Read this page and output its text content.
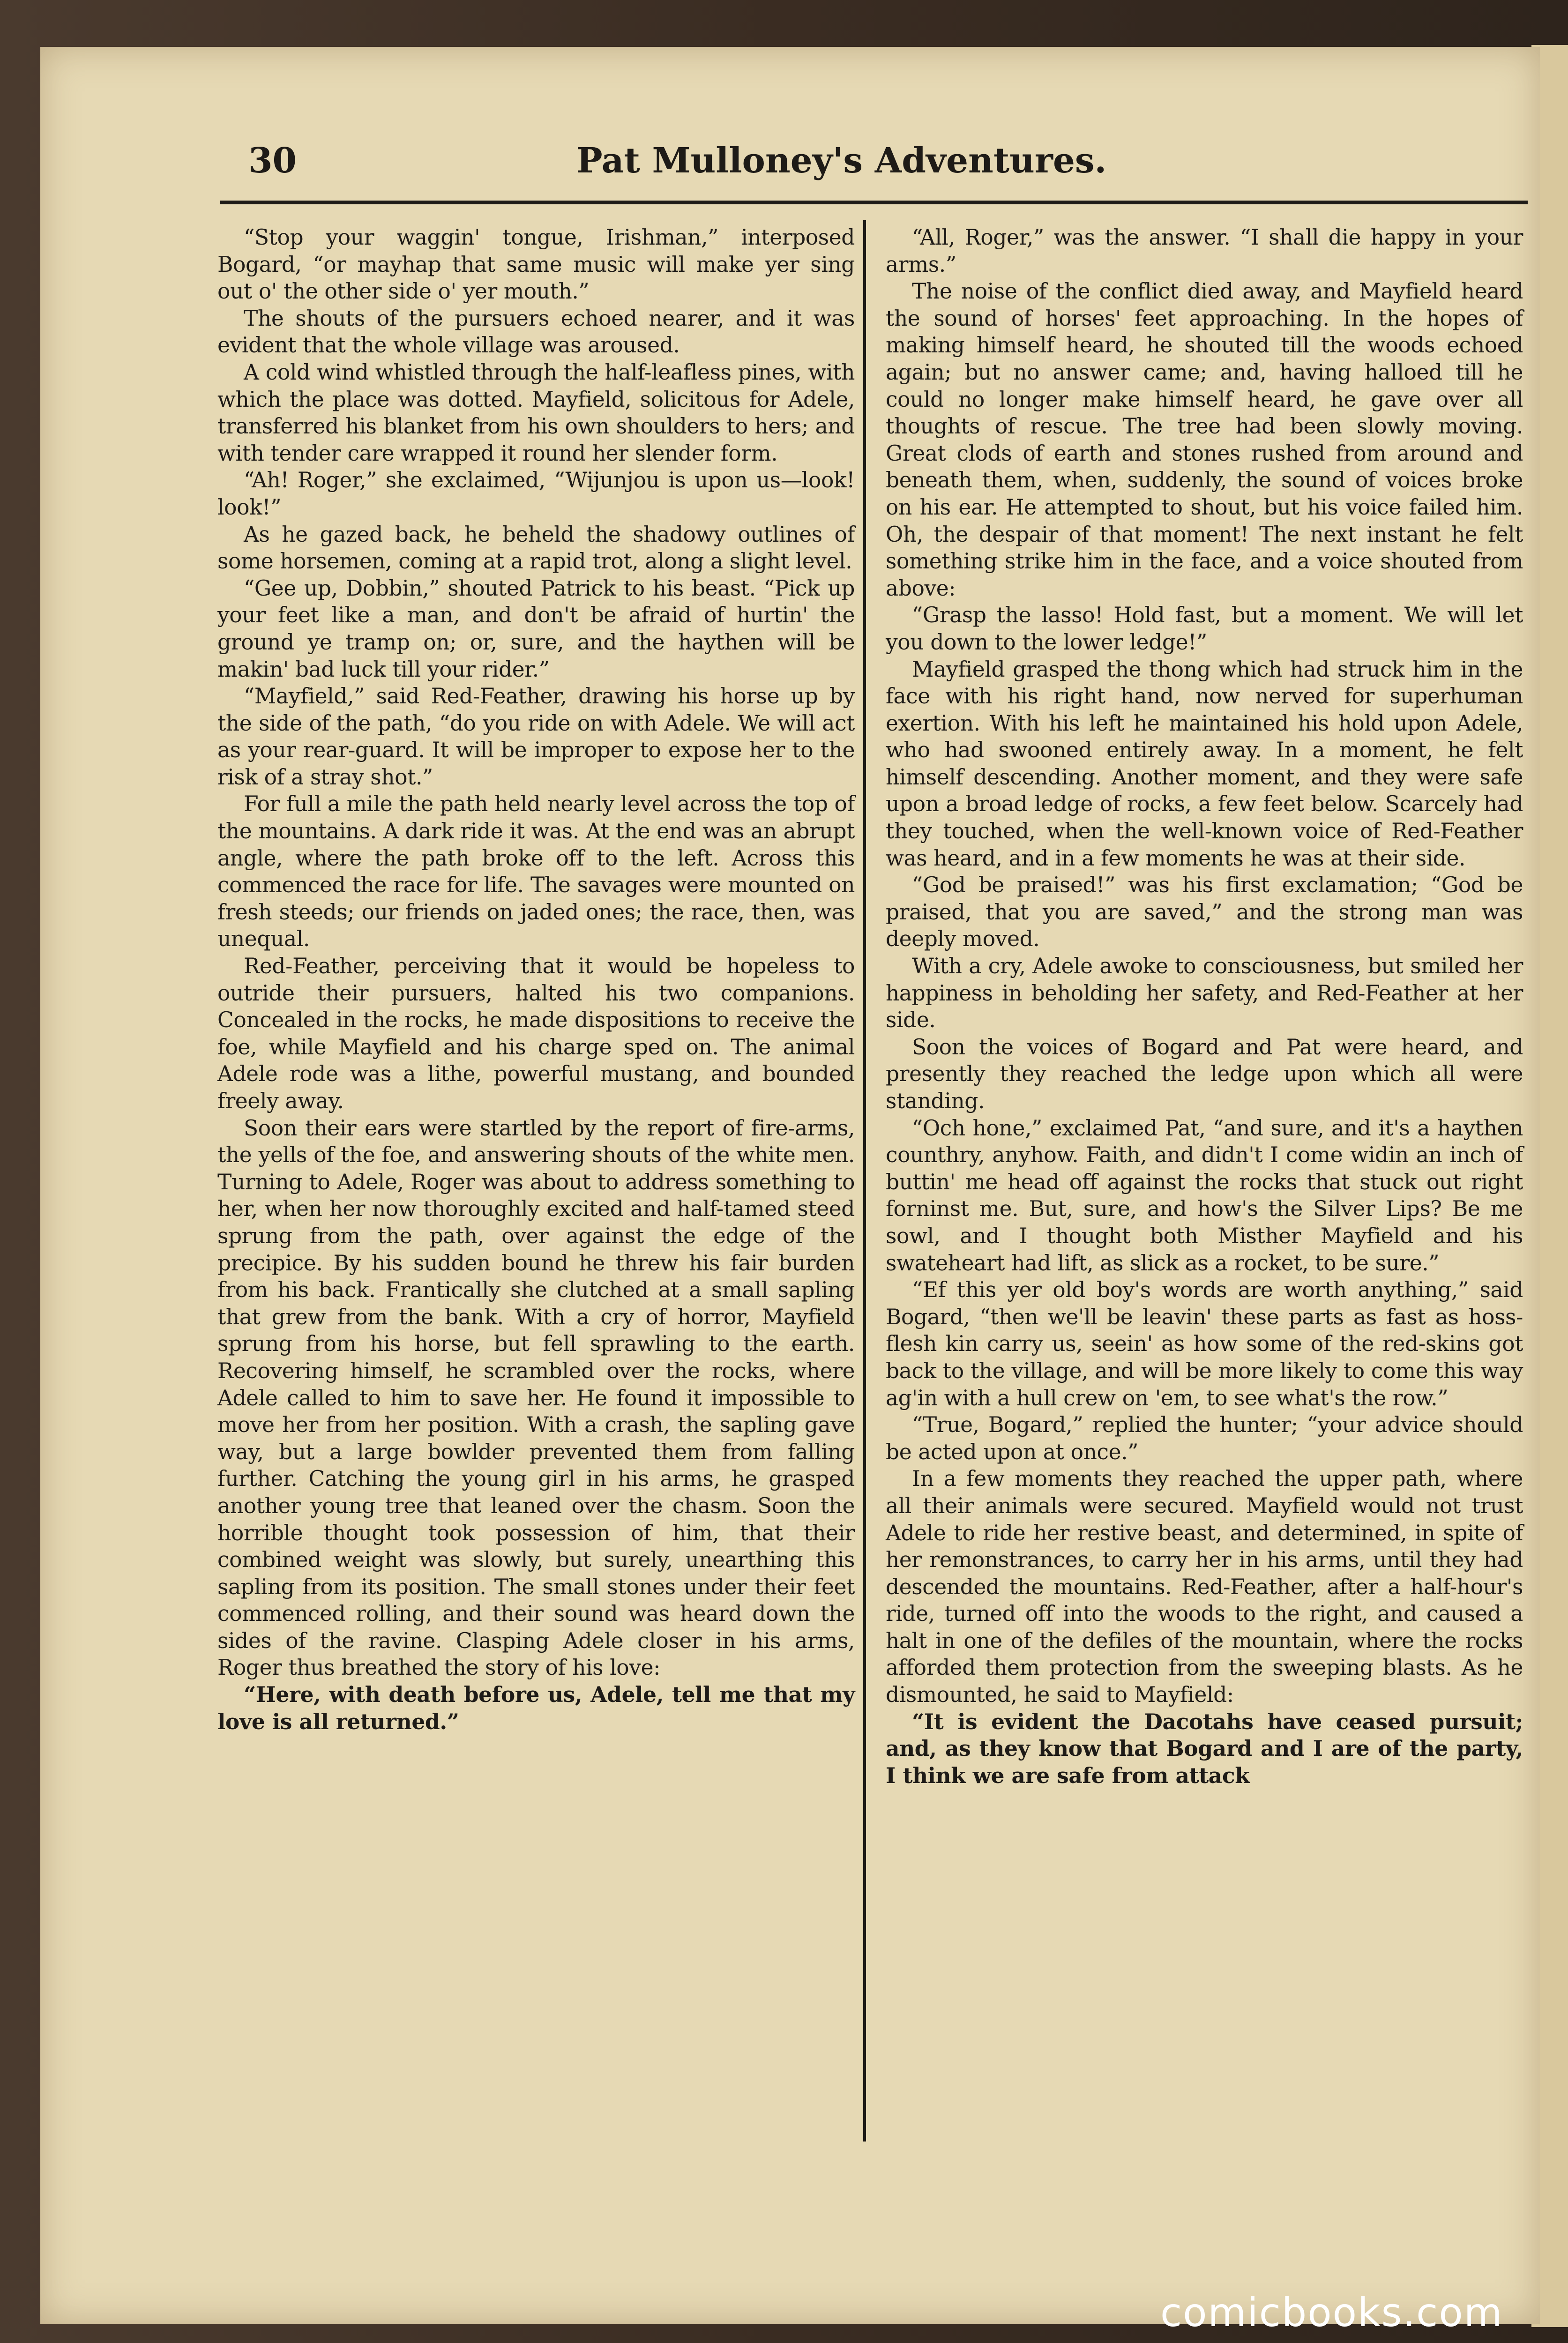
30	Pat Mulloney's Adventures.

“Stop your waggin' tongue, Irishman,” interposed Bogard, “or mayhap that same music will make yer sing out o' the other side o' yer mouth.”

The shouts of the pursuers echoed nearer, and it was evident that the whole village was aroused.

A cold wind whistled through the half-leafless pines, with which the place was dotted. Mayfield, solicitous for Adele, transferred his blanket from his own shoulders to hers; and with tender care wrapped it round her slender form.

“Ah! Roger,” she exclaimed, “Wijunjou is upon us—look! look!”

As he gazed back, he beheld the shadowy outlines of some horsemen, coming at a rapid trot, along a slight level.

“Gee up, Dobbin,” shouted Patrick to his beast. “Pick up your feet like a man, and don't be afraid of hurtin' the ground ye tramp on; or, sure, and the haythen will be makin' bad luck till your rider.”

“Mayfield,” said Red-Feather, drawing his horse up by the side of the path, “do you ride on with Adele. We will act as your rear-guard. It will be improper to expose her to the risk of a stray shot.”

For full a mile the path held nearly level across the top of the mountains. A dark ride it was. At the end was an abrupt angle, where the path broke off to the left. Across this commenced the race for life. The savages were mounted on fresh steeds; our friends on jaded ones; the race, then, was unequal.

Red-Feather, perceiving that it would be hopeless to outride their pursuers, halted his two companions. Concealed in the rocks, he made dispositions to receive the foe, while Mayfield and his charge sped on. The animal Adele rode was a lithe, powerful mustang, and bounded freely away.

Soon their ears were startled by the report of fire-arms, the yells of the foe, and answering shouts of the white men. Turning to Adele, Roger was about to address something to her, when her now thoroughly excited and half-tamed steed sprung from the path, over against the edge of the precipice. By his sudden bound he threw his fair burden from his back. Frantically she clutched at a small sapling that grew from the bank. With a cry of horror, Mayfield sprung from his horse, but fell sprawling to the earth. Recovering himself, he scrambled over the rocks, where Adele called to him to save her. He found it impossible to move her from her position. With a crash, the sapling gave way, but a large bowlder prevented them from falling further. Catching the young girl in his arms, he grasped another young tree that leaned over the chasm. Soon the horrible thought took possession of him, that their combined weight was slowly, but surely, unearthing this sapling from its position. The small stones under their feet commenced rolling, and their sound was heard down the sides of the ravine. Clasping Adele closer in his arms, Roger thus breathed the story of his love:

“Here, with death before us, Adele, tell me that my love is all returned.”

“All, Roger,” was the answer. “I shall die happy in your arms.”

The noise of the conflict died away, and Mayfield heard the sound of horses' feet approaching. In the hopes of making himself heard, he shouted till the woods echoed again; but no answer came; and, having halloed till he could no longer make himself heard, he gave over all thoughts of rescue. The tree had been slowly moving. Great clods of earth and stones rushed from around and beneath them, when, suddenly, the sound of voices broke on his ear. He attempted to shout, but his voice failed him. Oh, the despair of that moment! The next instant he felt something strike him in the face, and a voice shouted from above:

“Grasp the lasso! Hold fast, but a moment. We will let you down to the lower ledge!”

Mayfield grasped the thong which had struck him in the face with his right hand, now nerved for superhuman exertion. With his left he maintained his hold upon Adele, who had swooned entirely away. In a moment, he felt himself descending. Another moment, and they were safe upon a broad ledge of rocks, a few feet below. Scarcely had they touched, when the well-known voice of Red-Feather was heard, and in a few moments he was at their side.

“God be praised!” was his first exclamation; “God be praised, that you are saved,” and the strong man was deeply moved.

With a cry, Adele awoke to consciousness, but smiled her happiness in beholding her safety, and Red-Feather at her side.

Soon the voices of Bogard and Pat were heard, and presently they reached the ledge upon which all were standing.

“Och hone,” exclaimed Pat, “and sure, and it's a haythen counthry, anyhow. Faith, and didn't I come widin an inch of buttin' me head off against the rocks that stuck out right forninst me. But, sure, and how's the Silver Lips? Be me sowl, and I thought both Misther Mayfield and his swateheart had lift, as slick as a rocket, to be sure.”

“Ef this yer old boy's words are worth anything,” said Bogard, “then we'll be leavin' these parts as fast as hoss-flesh kin carry us, seein' as how some of the red-skins got back to the village, and will be more likely to come this way ag'in with a hull crew on 'em, to see what's the row.”

“True, Bogard,” replied the hunter; “your advice should be acted upon at once.”

In a few moments they reached the upper path, where all their animals were secured. Mayfield would not trust Adele to ride her restive beast, and determined, in spite of her remonstrances, to carry her in his arms, until they had descended the mountains. Red-Feather, after a half-hour's ride, turned off into the woods to the right, and caused a halt in one of the defiles of the mountain, where the rocks afforded them protection from the sweeping blasts. As he dismounted, he said to Mayfield:

“It is evident the Dacotahs have ceased pursuit; and, as they know that Bogard and I are of the party, I think we are safe from attack

comicbooks.com
